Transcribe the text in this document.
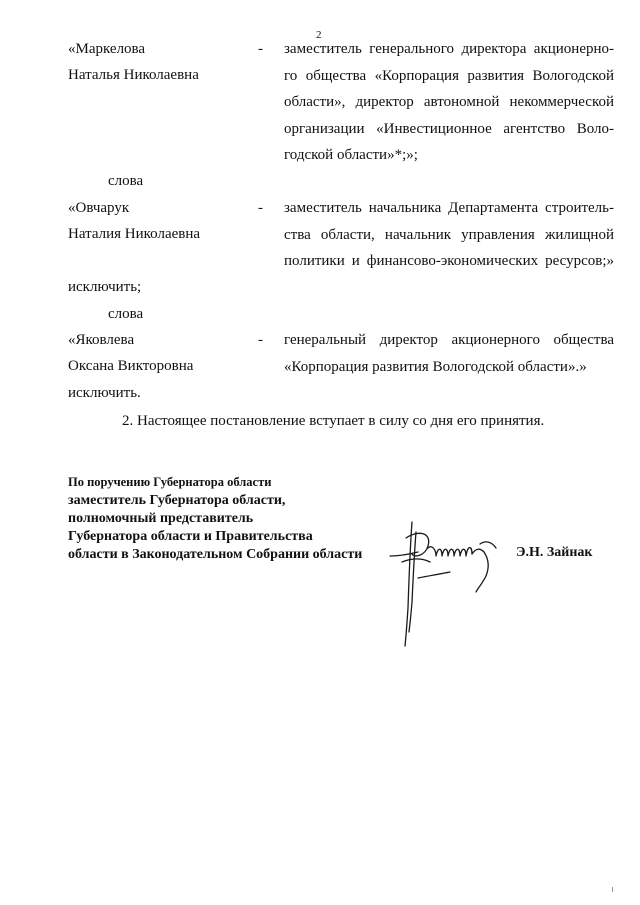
2
«Маркелова
Наталья Николаевна
- заместитель генерального директора акционерно-
го общества «Корпорация развития Вологодской
области», директор автономной некоммерческой
организации «Инвестиционное агентство Воло-
годской области»*;»;
слова
«Овчарук
Наталия Николаевна
- заместитель начальника Департамента строитель-
ства области, начальник управления жилищной
политики и финансово-экономических ресурсов;»
исключить;
слова
«Яковлева
Оксана Викторовна
- генеральный директор акционерного общества
«Корпорация развития Вологодской области».»
исключить.
2. Настоящее постановление вступает в силу со дня его принятия.
По поручению Губернатора области
заместитель Губернатора области,
полномочный представитель
Губернатора области и Правительства
области в Законодательном Собрании области	Э.Н. Зайнак
